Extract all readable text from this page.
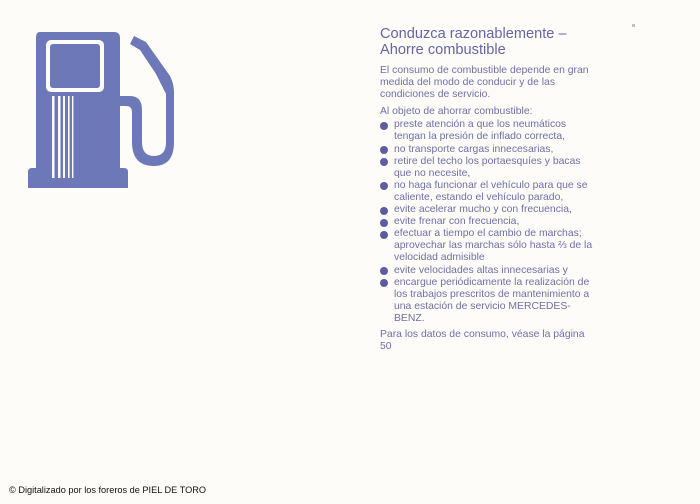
Conduzca razonablemente –
Ahorre combustible

El consumo de combustible depende en gran medida del modo de conducir y de las condiciones de servicio.

Al objeto de ahorrar combustible:

preste atención a que los neumáticos tengan la presión de inflado correcta,
no transporte cargas innecesarias,
retire del techo los portaesquíes y bacas que no necesite,
no haga funcionar el vehículo para que se caliente, estando el vehículo parado,
evite acelerar mucho y con frecuencia,
evite frenar con frecuencia,
efectuar a tiempo el cambio de marchas; aprovechar las marchas sólo hasta ⅔ de la velocidad admisible
evite velocidades altas innecesarias y
encargue periódicamente la realización de los trabajos prescritos de mantenimiento a una estación de servicio MERCEDES-BENZ.

Para los datos de consumo, véase la página 50

© Digitalizado por los foreros de PIEL DE TORO
